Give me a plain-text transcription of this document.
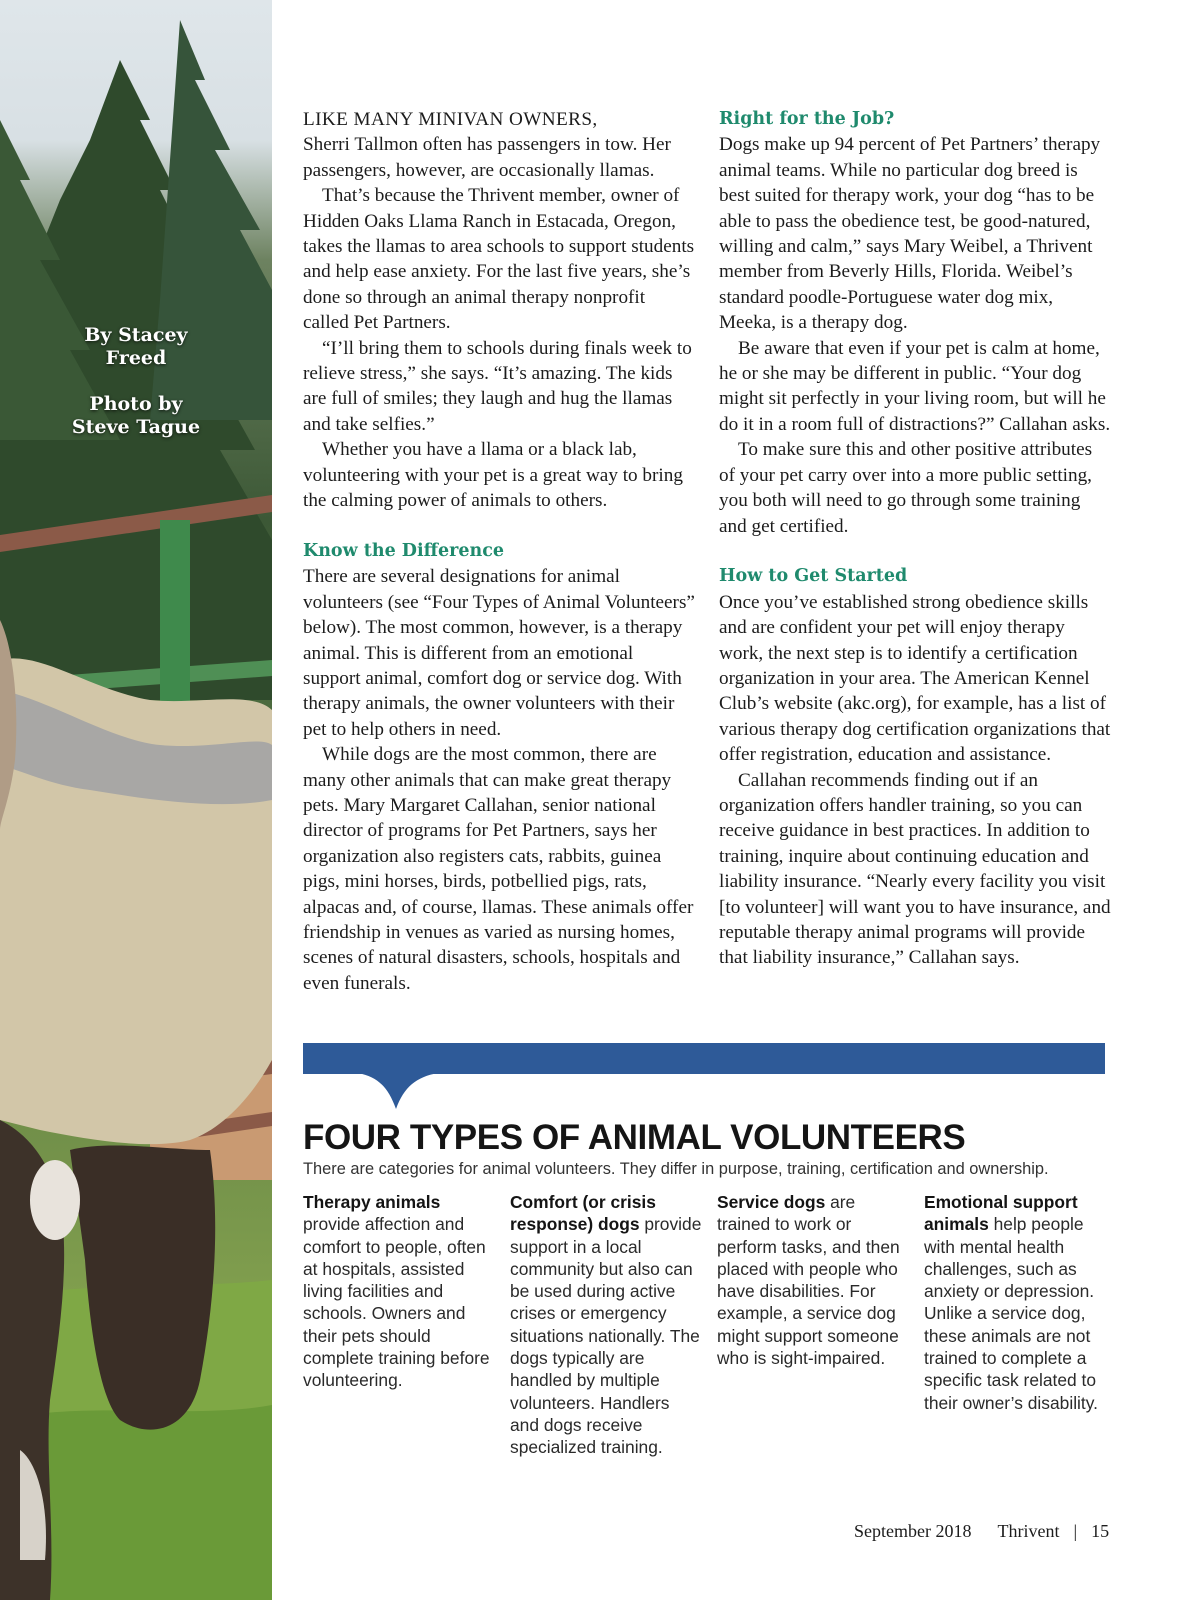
By Stacey
Freed
Photo by
Steve Tague

LIKE MANY MINIVAN OWNERS,
Sherri Tallmon often has passengers in tow. Her passengers, however, are occasionally llamas.

That’s because the Thrivent member, owner of Hidden Oaks Llama Ranch in Estacada, Oregon, takes the llamas to area schools to support students and help ease anxiety. For the last five years, she’s done so through an animal therapy nonprofit called Pet Partners.

“I’ll bring them to schools during finals week to relieve stress,” she says. “It’s amazing. The kids are full of smiles; they laugh and hug the llamas and take selfies.”

Whether you have a llama or a black lab, volunteering with your pet is a great way to bring the calming power of animals to others.

Know the Difference

There are several designations for animal volunteers (see “Four Types of Animal Volunteers” below). The most common, however, is a therapy animal. This is different from an emotional support animal, comfort dog or service dog. With therapy animals, the owner volunteers with their pet to help others in need.

While dogs are the most common, there are many other animals that can make great therapy pets. Mary Margaret Callahan, senior national director of programs for Pet Partners, says her organization also registers cats, rabbits, guinea pigs, mini horses, birds, potbellied pigs, rats, alpacas and, of course, llamas. These animals offer friendship in venues as varied as nursing homes, scenes of natural disasters, schools, hospitals and even funerals.

Right for the Job?

Dogs make up 94 percent of Pet Partners’ therapy animal teams. While no particular dog breed is best suited for therapy work, your dog “has to be able to pass the obedience test, be good-natured, willing and calm,” says Mary Weibel, a Thrivent member from Beverly Hills, Florida. Weibel’s standard poodle-Portuguese water dog mix, Meeka, is a therapy dog.

Be aware that even if your pet is calm at home, he or she may be different in public. “Your dog might sit perfectly in your living room, but will he do it in a room full of distractions?” Callahan asks.

To make sure this and other positive attributes of your pet carry over into a more public setting, you both will need to go through some training and get certified.

How to Get Started

Once you’ve established strong obedience skills and are confident your pet will enjoy therapy work, the next step is to identify a certification organization in your area. The American Kennel Club’s website (akc.org), for example, has a list of various therapy dog certification organizations that offer registration, education and assistance.

Callahan recommends finding out if an organization offers handler training, so you can receive guidance in best practices. In addition to training, inquire about continuing education and liability insurance. “Nearly every facility you visit [to volunteer] will want you to have insurance, and reputable therapy animal programs will provide that liability insurance,” Callahan says.

FOUR TYPES OF ANIMAL VOLUNTEERS
There are categories for animal volunteers. They differ in purpose, training, certification and ownership.
Therapy animals provide affection and comfort to people, often at hospitals, assisted living facilities and schools. Owners and their pets should complete training before volunteering.
Comfort (or crisis response) dogs provide support in a local community but also can be used during active crises or emergency situations nationally. The dogs typically are handled by multiple volunteers. Handlers and dogs receive specialized training.
Service dogs are trained to work or perform tasks, and then placed with people who have disabilities. For example, a service dog might support someone who is sight-impaired.
Emotional support animals help people with mental health challenges, such as anxiety or depression. Unlike a service dog, these animals are not trained to complete a specific task related to their owner’s disability.
September 2018 Thrivent | 15
